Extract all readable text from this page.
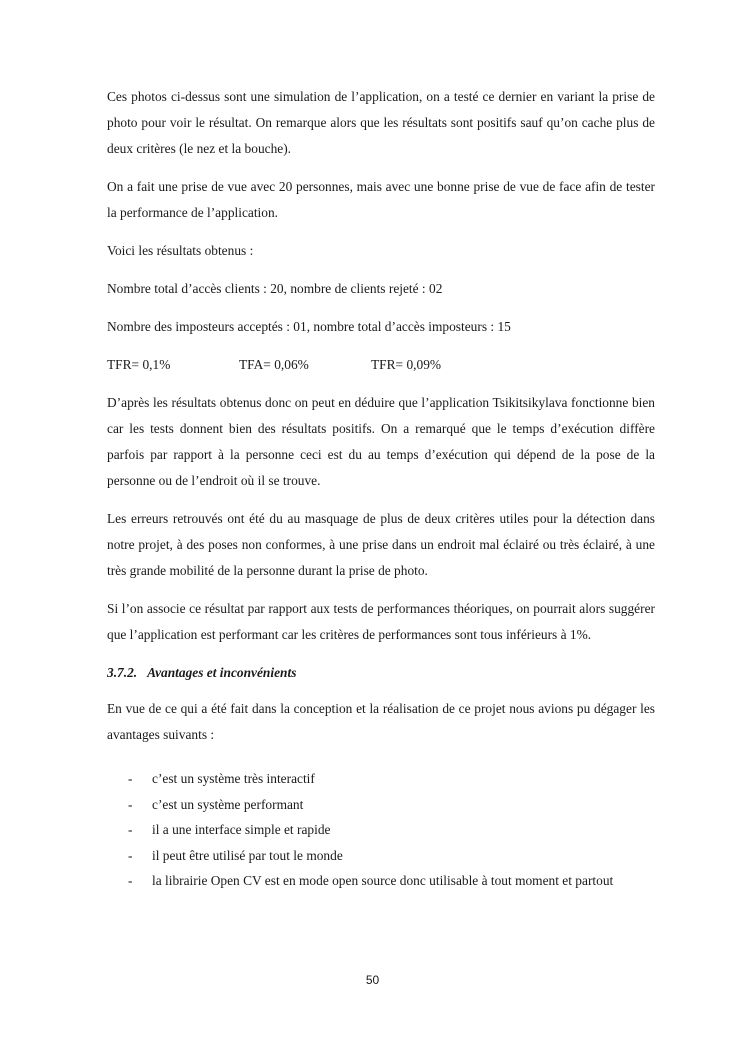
Ces photos ci-dessus sont une simulation de l’application, on a testé ce dernier en variant la prise de photo pour voir le résultat. On remarque alors que les résultats sont positifs sauf qu’on cache plus de deux critères (le nez et la bouche).

On a fait une prise de vue avec 20 personnes, mais avec une bonne prise de vue de face afin de tester la performance de l’application.

Voici les résultats obtenus :

Nombre total d’accès clients : 20, nombre de clients rejeté : 02

Nombre des imposteurs acceptés : 01, nombre total d’accès imposteurs : 15

TFR= 0,1%	TFA= 0,06%	TFR= 0,09%

D’après les résultats obtenus donc on peut en déduire que l’application Tsikitsikylava fonctionne bien car les tests donnent bien des résultats positifs. On a remarqué que le temps d’exécution diffère parfois par rapport à la personne ceci est du au temps d’exécution qui dépend de la pose de la personne ou de l’endroit où il se trouve.

Les erreurs retrouvés ont été du au masquage de plus de deux critères utiles pour la détection dans notre projet, à des poses non conformes, à une prise dans un endroit mal éclairé ou très éclairé, à une très grande mobilité de la personne durant la prise de photo.

Si l’on associe ce résultat par rapport aux tests de performances théoriques, on pourrait alors suggérer que l’application est performant car les critères de performances sont tous inférieurs à 1%.

3.7.2. Avantages et inconvénients

En vue de ce qui a été fait dans la conception et la réalisation de ce projet nous avions pu dégager les avantages suivants :

- c’est un système très interactif
- c’est un système performant
- il a une interface simple et rapide
- il peut être utilisé par tout le monde
- la librairie Open CV est en mode open source donc utilisable à tout moment et partout
50
